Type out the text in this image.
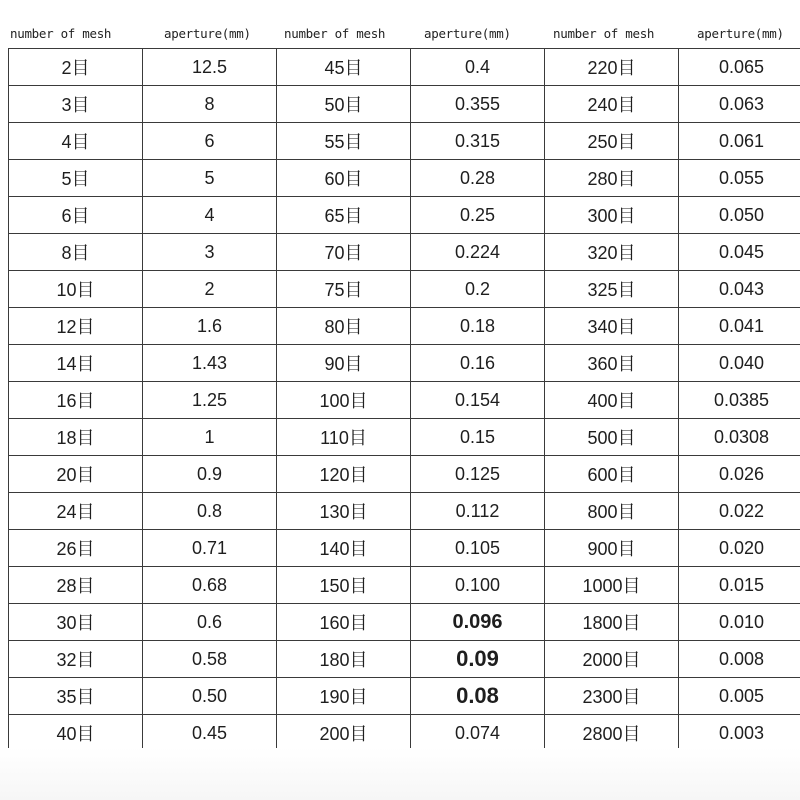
number of mesh	aperture(mm)	number of mesh	aperture(mm)	number of mesh	aperture(mm)
2目	12.5	45目	0.4	220目	0.065
3目	8	50目	0.355	240目	0.063
4目	6	55目	0.315	250目	0.061
5目	5	60目	0.28	280目	0.055
6目	4	65目	0.25	300目	0.050
8目	3	70目	0.224	320目	0.045
10目	2	75目	0.2	325目	0.043
12目	1.6	80目	0.18	340目	0.041
14目	1.43	90目	0.16	360目	0.040
16目	1.25	100目	0.154	400目	0.0385
18目	1	110目	0.15	500目	0.0308
20目	0.9	120目	0.125	600目	0.026
24目	0.8	130目	0.112	800目	0.022
26目	0.71	140目	0.105	900目	0.020
28目	0.68	150目	0.100	1000目	0.015
30目	0.6	160目	0.096	1800目	0.010
32目	0.58	180目	0.09	2000目	0.008
35目	0.50	190目	0.08	2300目	0.005
40目	0.45	200目	0.074	2800目	0.003
